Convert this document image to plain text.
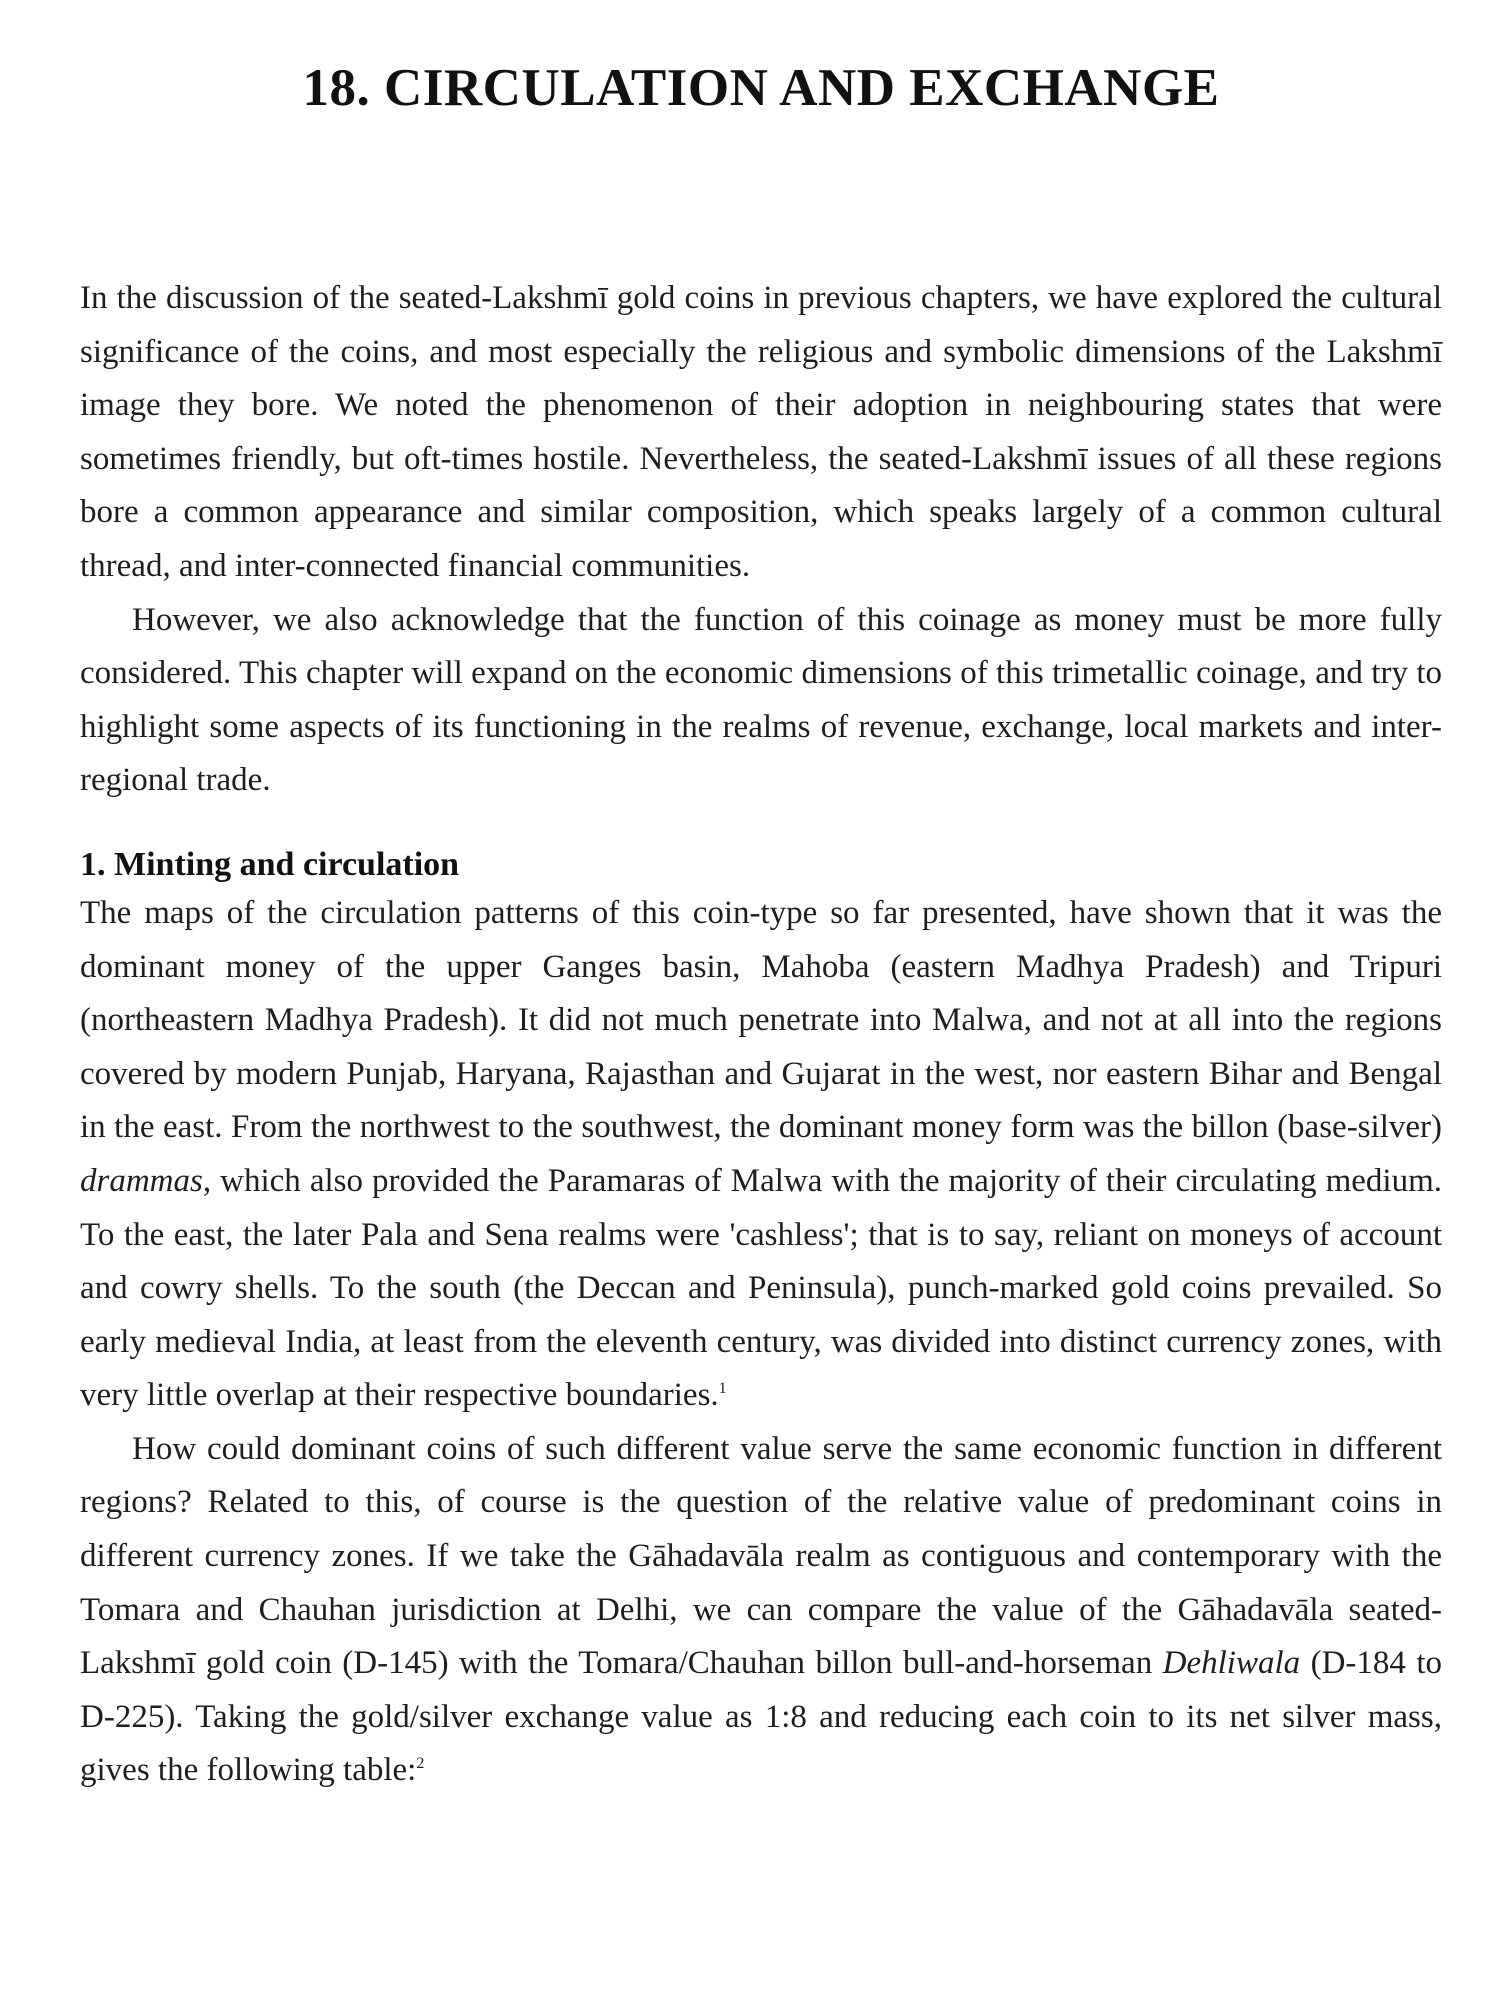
18. CIRCULATION AND EXCHANGE

In the discussion of the seated-Lakshmī gold coins in previous chapters, we have explored the cultural significance of the coins, and most especially the religious and symbolic dimensions of the Lakshmī image they bore. We noted the phenomenon of their adoption in neighbouring states that were sometimes friendly, but oft-times hostile. Nevertheless, the seated-Lakshmī issues of all these regions bore a common appearance and similar composition, which speaks largely of a common cultural thread, and inter-connected financial communities.

However, we also acknowledge that the function of this coinage as money must be more fully considered. This chapter will expand on the economic dimensions of this trimetallic coinage, and try to highlight some aspects of its functioning in the realms of revenue, exchange, local markets and inter-regional trade.

1. Minting and circulation

The maps of the circulation patterns of this coin-type so far presented, have shown that it was the dominant money of the upper Ganges basin, Mahoba (eastern Madhya Pradesh) and Tripuri (northeastern Madhya Pradesh). It did not much penetrate into Malwa, and not at all into the regions covered by modern Punjab, Haryana, Rajasthan and Gujarat in the west, nor eastern Bihar and Bengal in the east. From the northwest to the southwest, the dominant money form was the billon (base-silver) drammas, which also provided the Paramaras of Malwa with the majority of their circulating medium. To the east, the later Pala and Sena realms were 'cashless'; that is to say, reliant on moneys of account and cowry shells. To the south (the Deccan and Peninsula), punch-marked gold coins prevailed. So early medieval India, at least from the eleventh century, was divided into distinct currency zones, with very little overlap at their respective boundaries.$^1$

How could dominant coins of such different value serve the same economic function in different regions? Related to this, of course is the question of the relative value of predominant coins in different currency zones. If we take the Gāhadavāla realm as contiguous and contemporary with the Tomara and Chauhan jurisdiction at Delhi, we can compare the value of the Gāhadavāla seated-Lakshmī gold coin (D-145) with the Tomara/Chauhan billon bull-and-horseman Dehliwala (D-184 to D-225). Taking the gold/silver exchange value as 1:8 and reducing each coin to its net silver mass, gives the following table:$^2$
